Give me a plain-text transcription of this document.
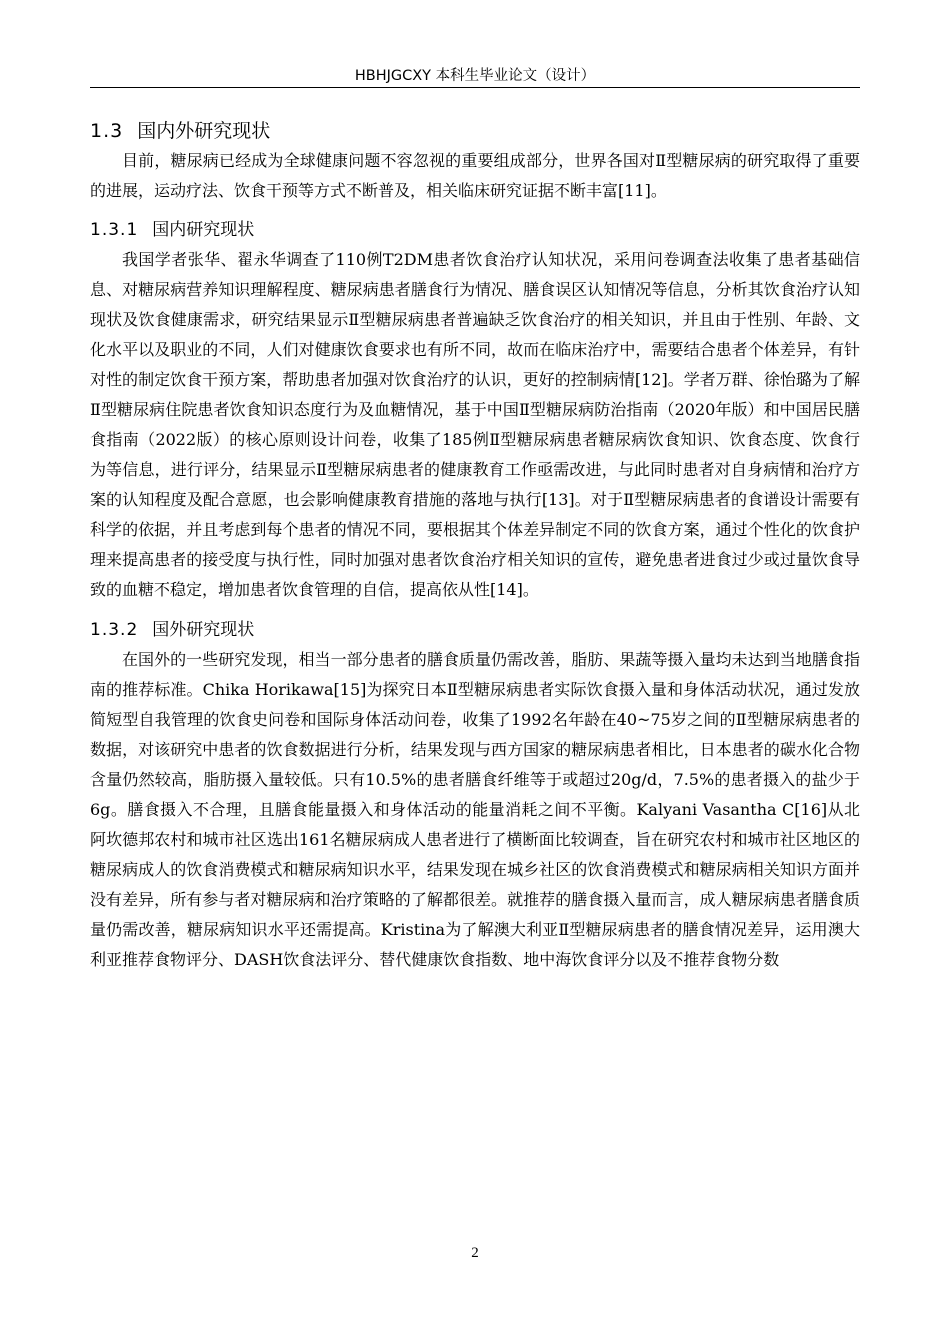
HBHJGCXY 本科生毕业论文（设计）
1.3 国内外研究现状

目前，糖尿病已经成为全球健康问题不容忽视的重要组成部分，世界各国对Ⅱ型糖尿病的研究取得了重要的进展，运动疗法、饮食干预等方式不断普及，相关临床研究证据不断丰富[11]。

1.3.1 国内研究现状

我国学者张华、翟永华调查了110例T2DM患者饮食治疗认知状况，采用问卷调查法收集了患者基础信息、对糖尿病营养知识理解程度、糖尿病患者膳食行为情况、膳食误区认知情况等信息，分析其饮食治疗认知现状及饮食健康需求，研究结果显示Ⅱ型糖尿病患者普遍缺乏饮食治疗的相关知识，并且由于性别、年龄、文化水平以及职业的不同，人们对健康饮食要求也有所不同，故而在临床治疗中，需要结合患者个体差异，有针对性的制定饮食干预方案，帮助患者加强对饮食治疗的认识，更好的控制病情[12]。学者万群、徐怡璐为了解Ⅱ型糖尿病住院患者饮食知识态度行为及血糖情况，基于中国Ⅱ型糖尿病防治指南（2020年版）和中国居民膳食指南（2022版）的核心原则设计问卷，收集了185例Ⅱ型糖尿病患者糖尿病饮食知识、饮食态度、饮食行为等信息，进行评分，结果显示Ⅱ型糖尿病患者的健康教育工作亟需改进，与此同时患者对自身病情和治疗方案的认知程度及配合意愿，也会影响健康教育措施的落地与执行[13]。对于Ⅱ型糖尿病患者的食谱设计需要有科学的依据，并且考虑到每个患者的情况不同，要根据其个体差异制定不同的饮食方案，通过个性化的饮食护理来提高患者的接受度与执行性，同时加强对患者饮食治疗相关知识的宣传，避免患者进食过少或过量饮食导致的血糖不稳定，增加患者饮食管理的自信，提高依从性[14]。

1.3.2 国外研究现状

在国外的一些研究发现，相当一部分患者的膳食质量仍需改善，脂肪、果蔬等摄入量均未达到当地膳食指南的推荐标准。Chika Horikawa[15]为探究日本Ⅱ型糖尿病患者实际饮食摄入量和身体活动状况，通过发放简短型自我管理的饮食史问卷和国际身体活动问卷，收集了1992名年龄在40~75岁之间的Ⅱ型糖尿病患者的数据，对该研究中患者的饮食数据进行分析，结果发现与西方国家的糖尿病患者相比，日本患者的碳水化合物含量仍然较高，脂肪摄入量较低。只有10.5%的患者膳食纤维等于或超过20g/d，7.5%的患者摄入的盐少于6g。膳食摄入不合理，且膳食能量摄入和身体活动的能量消耗之间不平衡。Kalyani Vasantha C[16]从北阿坎德邦农村和城市社区选出161名糖尿病成人患者进行了横断面比较调查，旨在研究农村和城市社区地区的糖尿病成人的饮食消费模式和糖尿病知识水平，结果发现在城乡社区的饮食消费模式和糖尿病相关知识方面并没有差异，所有参与者对糖尿病和治疗策略的了解都很差。就推荐的膳食摄入量而言，成人糖尿病患者膳食质量仍需改善，糖尿病知识水平还需提高。Kristina为了解澳大利亚Ⅱ型糖尿病患者的膳食情况差异，运用澳大利亚推荐食物评分、DASH饮食法评分、替代健康饮食指数、地中海饮食评分以及不推荐食物分数

2
